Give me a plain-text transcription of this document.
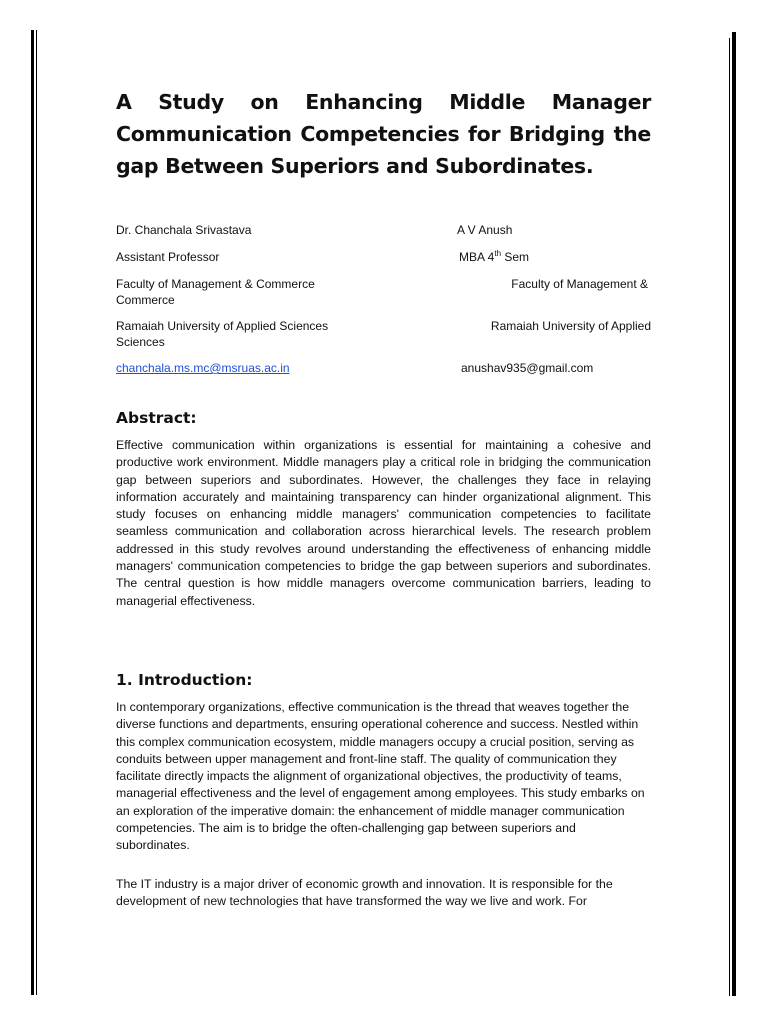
A Study on Enhancing Middle Manager Communication Competencies for Bridging the gap Between Superiors and Subordinates.
Dr. Chanchala Srivastava	A V Anush
Assistant Professor	MBA 4th Sem
Faculty of Management & Commerce	Faculty of Management &
Commerce
Ramaiah University of Applied Sciences	Ramaiah University of Applied
Sciences
chanchala.ms.mc@msruas.ac.in	anushav935@gmail.com
Abstract:

Effective communication within organizations is essential for maintaining a cohesive and productive work environment. Middle managers play a critical role in bridging the communication gap between superiors and subordinates. However, the challenges they face in relaying information accurately and maintaining transparency can hinder organizational alignment. This study focuses on enhancing middle managers' communication competencies to facilitate seamless communication and collaboration across hierarchical levels. The research problem addressed in this study revolves around understanding the effectiveness of enhancing middle managers' communication competencies to bridge the gap between superiors and subordinates. The central question is how middle managers overcome communication barriers, leading to managerial effectiveness.

1. Introduction:

In contemporary organizations, effective communication is the thread that weaves together the diverse functions and departments, ensuring operational coherence and success. Nestled within this complex communication ecosystem, middle managers occupy a crucial position, serving as conduits between upper management and front-line staff. The quality of communication they facilitate directly impacts the alignment of organizational objectives, the productivity of teams, managerial effectiveness and the level of engagement among employees. This study embarks on an exploration of the imperative domain: the enhancement of middle manager communication competencies. The aim is to bridge the often-challenging gap between superiors and subordinates.

The IT industry is a major driver of economic growth and innovation. It is responsible for the development of new technologies that have transformed the way we live and work. For
